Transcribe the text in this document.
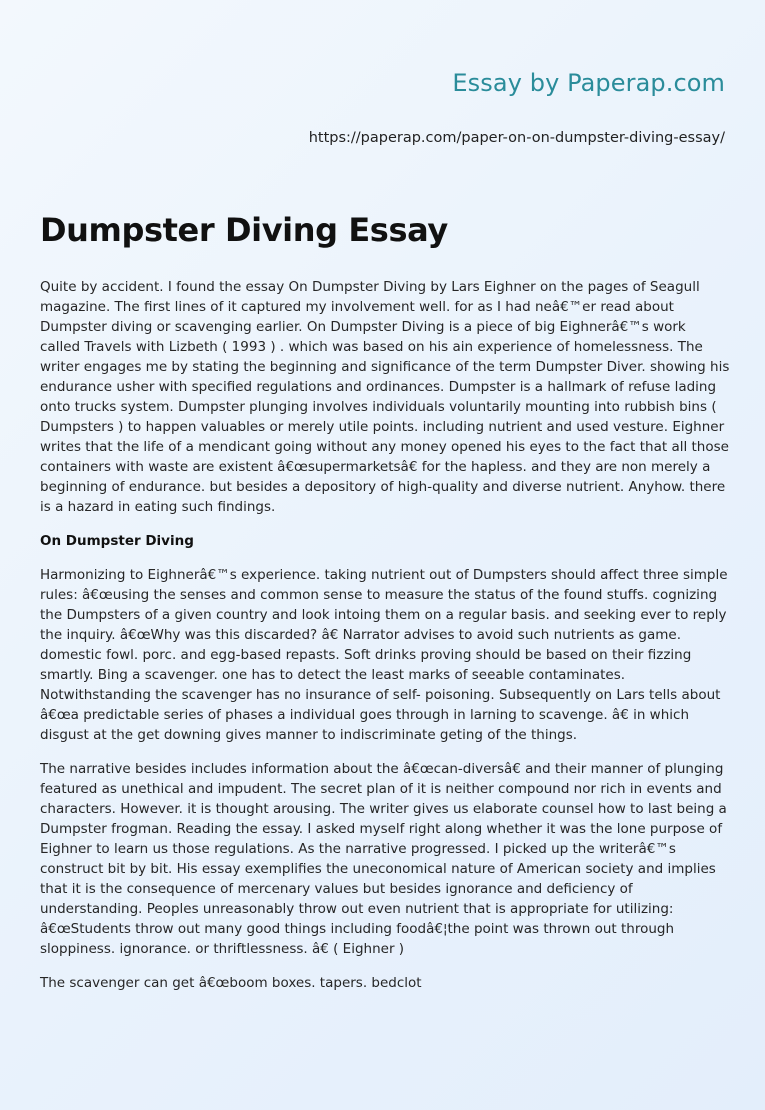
Essay by Paperap.com
https://paperap.com/paper-on-on-dumpster-diving-essay/
Dumpster Diving Essay

Quite by accident. I found the essay On Dumpster Diving by Lars Eighner on the pages of Seagull magazine. The first lines of it captured my involvement well. for as I had neâ€™er read about Dumpster diving or scavenging earlier. On Dumpster Diving is a piece of big Eighnerâ€™s work called Travels with Lizbeth ( 1993 ) . which was based on his ain experience of homelessness. The writer engages me by stating the beginning and significance of the term Dumpster Diver. showing his endurance usher with specified regulations and ordinances. Dumpster is a hallmark of refuse lading onto trucks system. Dumpster plunging involves individuals voluntarily mounting into rubbish bins ( Dumpsters ) to happen valuables or merely utile points. including nutrient and used vesture. Eighner writes that the life of a mendicant going without any money opened his eyes to the fact that all those containers with waste are existent â€œsupermarketsâ€ for the hapless. and they are non merely a beginning of endurance. but besides a depository of high-quality and diverse nutrient. Anyhow. there is a hazard in eating such findings.

On Dumpster Diving

Harmonizing to Eighnerâ€™s experience. taking nutrient out of Dumpsters should affect three simple rules: â€œusing the senses and common sense to measure the status of the found stuffs. cognizing the Dumpsters of a given country and look intoing them on a regular basis. and seeking ever to reply the inquiry. â€œWhy was this discarded? â€ Narrator advises to avoid such nutrients as game. domestic fowl. porc. and egg-based repasts. Soft drinks proving should be based on their fizzing smartly. Bing a scavenger. one has to detect the least marks of seeable contaminates. Notwithstanding the scavenger has no insurance of self- poisoning. Subsequently on Lars tells about â€œa predictable series of phases a individual goes through in larning to scavenge. â€ in which disgust at the get downing gives manner to indiscriminate geting of the things.

The narrative besides includes information about the â€œcan-diversâ€ and their manner of plunging featured as unethical and impudent. The secret plan of it is neither compound nor rich in events and characters. However. it is thought arousing. The writer gives us elaborate counsel how to last being a Dumpster frogman. Reading the essay. I asked myself right along whether it was the lone purpose of Eighner to learn us those regulations. As the narrative progressed. I picked up the writerâ€™s construct bit by bit. His essay exemplifies the uneconomical nature of American society and implies that it is the consequence of mercenary values but besides ignorance and deficiency of understanding. Peoples unreasonably throw out even nutrient that is appropriate for utilizing: â€œStudents throw out many good things including foodâ€¦the point was thrown out through sloppiness. ignorance. or thriftlessness. â€ ( Eighner )

The scavenger can get â€œboom boxes. tapers. bedclot
